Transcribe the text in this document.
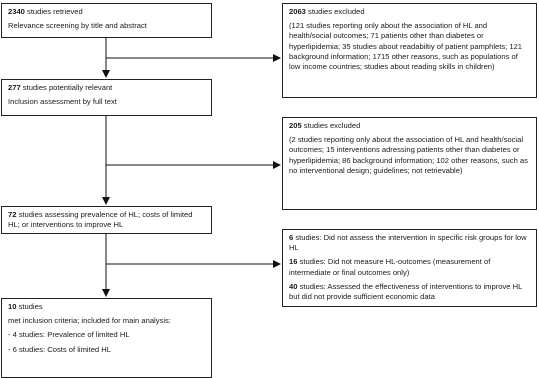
2340 studies retrieved
Relevance screening by title and abstract
2063 studies excluded
(121 studies reporting only about the association of HL and health/social outcomes; 71 patients other than diabetes or hyperlipidemia; 35 studies about readabiltiy of patient pamphlets; 121 background information; 1715 other reasons, such as populations of low income countries; studies about reading skills in children)
277 studies potentially relevant
Inclusion assessment by full text
205 studies excluded
(2 studies reporting only about the association of HL and health/social outcomes; 15 interventions adressing patients other than diabetes or hyperlipidemia; 86 background information; 102 other reasons, such as no interventional design; guidelines; not retrievable)
72 studies assessing prevalence of HL; costs of limited HL; or interventions to improve HL
6 studies: Did not assess the intervention in specific risk groups for low HL
16 studies: Did not measure HL-outcomes (measurement of intermediate or final outcomes only)
40 studies: Assessed the effectiveness of interventions to improve HL but did not provide sufficient economic data
10 studies
met inclusion criteria; included for main analysis:
- 4 studies: Prevalence of limited HL
- 6 studies: Costs of limited HL
